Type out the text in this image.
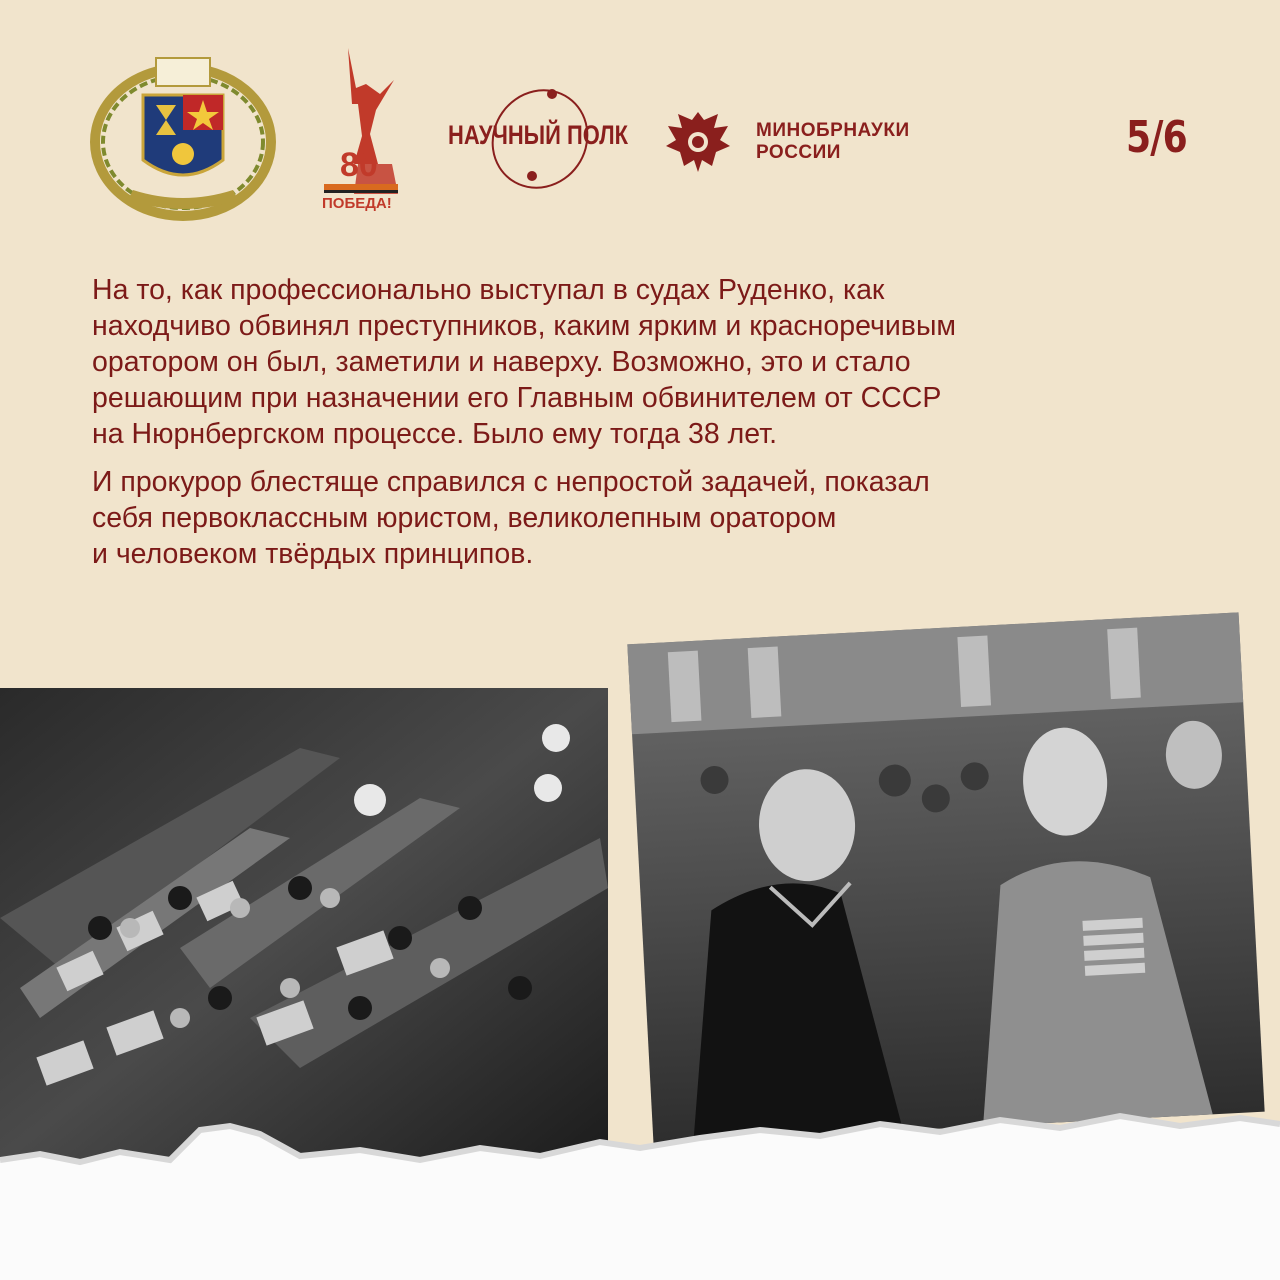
80
ПОБЕДА!
НАУЧНЫЙ ПОЛК	МИНОБРНАУКИ
РОССИИ	5/6

На то, как профессионально выступал в судах Руденко, как
находчиво обвинял преступников, каким ярким и красноречивым
оратором он был, заметили и наверху. Возможно, это и стало
решающим при назначении его Главным обвинителем от СССР
на Нюрнбергском процессе. Было ему тогда 38 лет.

И прокурор блестяще справился с непростой задачей, показал
себя первоклассным юристом, великолепным оратором
и человеком твёрдых принципов.
